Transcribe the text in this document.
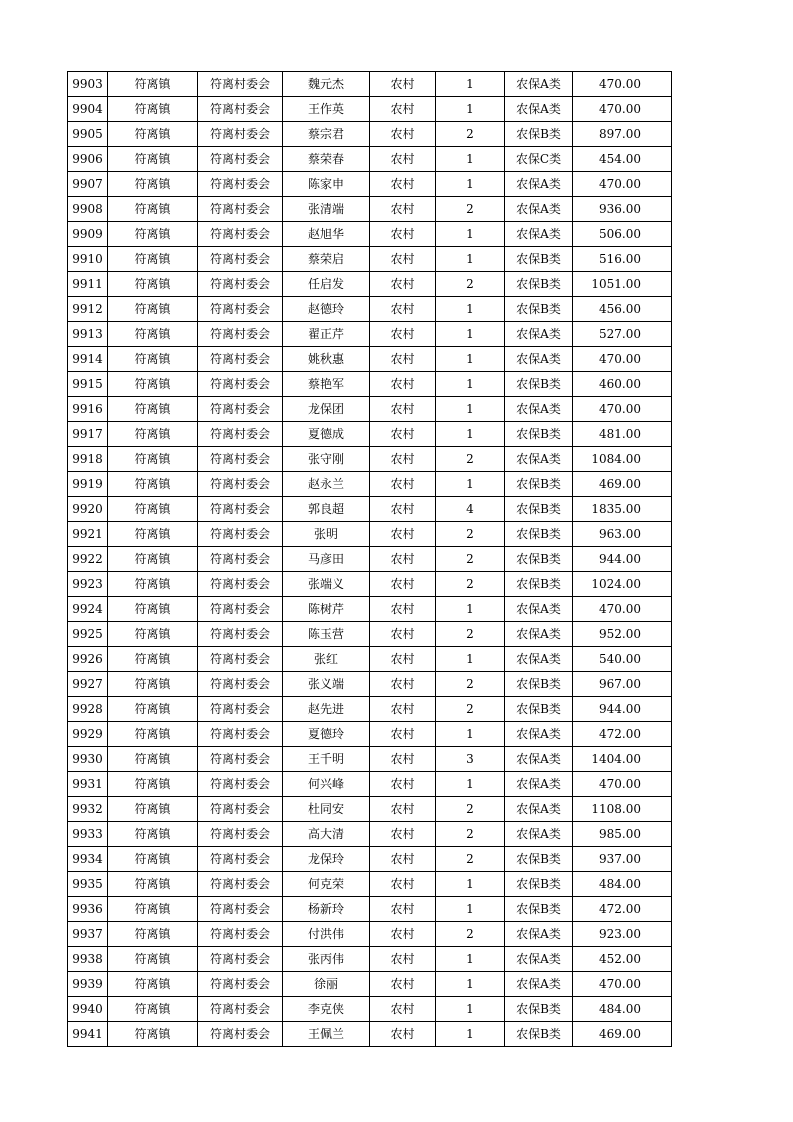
9903	符离镇	符离村委会	魏元杰	农村	1	农保A类	470.00
9904	符离镇	符离村委会	王作英	农村	1	农保A类	470.00
9905	符离镇	符离村委会	蔡宗君	农村	2	农保B类	897.00
9906	符离镇	符离村委会	蔡荣春	农村	1	农保C类	454.00
9907	符离镇	符离村委会	陈家申	农村	1	农保A类	470.00
9908	符离镇	符离村委会	张清端	农村	2	农保A类	936.00
9909	符离镇	符离村委会	赵旭华	农村	1	农保A类	506.00
9910	符离镇	符离村委会	蔡荣启	农村	1	农保B类	516.00
9911	符离镇	符离村委会	任启发	农村	2	农保B类	1051.00
9912	符离镇	符离村委会	赵德玲	农村	1	农保B类	456.00
9913	符离镇	符离村委会	翟正芹	农村	1	农保A类	527.00
9914	符离镇	符离村委会	姚秋惠	农村	1	农保A类	470.00
9915	符离镇	符离村委会	蔡艳军	农村	1	农保B类	460.00
9916	符离镇	符离村委会	龙保团	农村	1	农保A类	470.00
9917	符离镇	符离村委会	夏德成	农村	1	农保B类	481.00
9918	符离镇	符离村委会	张守刚	农村	2	农保A类	1084.00
9919	符离镇	符离村委会	赵永兰	农村	1	农保B类	469.00
9920	符离镇	符离村委会	郭良超	农村	4	农保B类	1835.00
9921	符离镇	符离村委会	张明	农村	2	农保B类	963.00
9922	符离镇	符离村委会	马彦田	农村	2	农保B类	944.00
9923	符离镇	符离村委会	张端义	农村	2	农保B类	1024.00
9924	符离镇	符离村委会	陈树芹	农村	1	农保A类	470.00
9925	符离镇	符离村委会	陈玉营	农村	2	农保A类	952.00
9926	符离镇	符离村委会	张红	农村	1	农保A类	540.00
9927	符离镇	符离村委会	张义端	农村	2	农保B类	967.00
9928	符离镇	符离村委会	赵先进	农村	2	农保B类	944.00
9929	符离镇	符离村委会	夏德玲	农村	1	农保A类	472.00
9930	符离镇	符离村委会	王千明	农村	3	农保A类	1404.00
9931	符离镇	符离村委会	何兴峰	农村	1	农保A类	470.00
9932	符离镇	符离村委会	杜同安	农村	2	农保A类	1108.00
9933	符离镇	符离村委会	高大清	农村	2	农保A类	985.00
9934	符离镇	符离村委会	龙保玲	农村	2	农保B类	937.00
9935	符离镇	符离村委会	何克荣	农村	1	农保B类	484.00
9936	符离镇	符离村委会	杨新玲	农村	1	农保B类	472.00
9937	符离镇	符离村委会	付洪伟	农村	2	农保A类	923.00
9938	符离镇	符离村委会	张丙伟	农村	1	农保A类	452.00
9939	符离镇	符离村委会	徐丽	农村	1	农保A类	470.00
9940	符离镇	符离村委会	李克侠	农村	1	农保B类	484.00
9941	符离镇	符离村委会	王佩兰	农村	1	农保B类	469.00
